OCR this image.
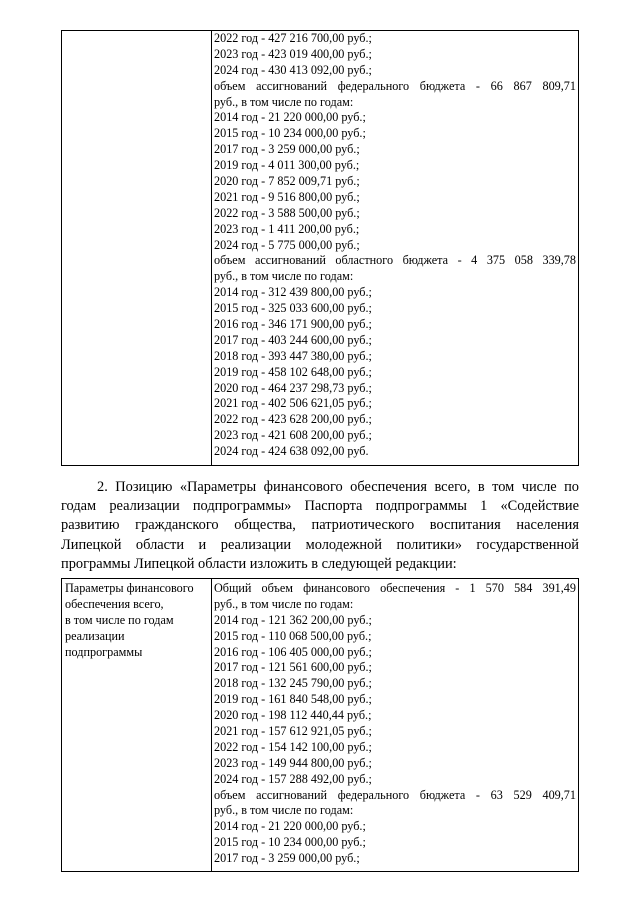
2022 год - 427 216 700,00 руб.;
2023 год - 423 019 400,00 руб.;
2024 год - 430 413 092,00 руб.;
объем ассигнований федерального бюджета - 66 867 809,71
руб., в том числе по годам:
2014 год - 21 220 000,00 руб.;
2015 год - 10 234 000,00 руб.;
2017 год - 3 259 000,00 руб.;
2019 год - 4 011 300,00 руб.;
2020 год - 7 852 009,71 руб.;
2021 год - 9 516 800,00 руб.;
2022 год - 3 588 500,00 руб.;
2023 год - 1 411 200,00 руб.;
2024 год - 5 775 000,00 руб.;
объем ассигнований областного бюджета - 4 375 058 339,78
руб., в том числе по годам:
2014 год - 312 439 800,00 руб.;
2015 год - 325 033 600,00 руб.;
2016 год - 346 171 900,00 руб.;
2017 год - 403 244 600,00 руб.;
2018 год - 393 447 380,00 руб.;
2019 год - 458 102 648,00 руб.;
2020 год - 464 237 298,73 руб.;
2021 год - 402 506 621,05 руб.;
2022 год - 423 628 200,00 руб.;
2023 год - 421 608 200,00 руб.;
2024 год - 424 638 092,00 руб.
2. Позицию «Параметры финансового обеспечения всего, в том числе по
годам реализации подпрограммы» Паспорта подпрограммы 1 «Содействие
развитию гражданского общества, патриотического воспитания населения
Липецкой области и реализации молодежной политики» государственной
программы Липецкой области изложить в следующей редакции:
Параметры финансового
обеспечения всего,
в том числе по годам
реализации
подпрограммы
Общий объем финансового обеспечения - 1 570 584 391,49
руб., в том числе по годам:
2014 год - 121 362 200,00 руб.;
2015 год - 110 068 500,00 руб.;
2016 год - 106 405 000,00 руб.;
2017 год - 121 561 600,00 руб.;
2018 год - 132 245 790,00 руб.;
2019 год - 161 840 548,00 руб.;
2020 год - 198 112 440,44 руб.;
2021 год - 157 612 921,05 руб.;
2022 год - 154 142 100,00 руб.;
2023 год - 149 944 800,00 руб.;
2024 год - 157 288 492,00 руб.;
объем ассигнований федерального бюджета - 63 529 409,71
руб., в том числе по годам:
2014 год - 21 220 000,00 руб.;
2015 год - 10 234 000,00 руб.;
2017 год - 3 259 000,00 руб.;
